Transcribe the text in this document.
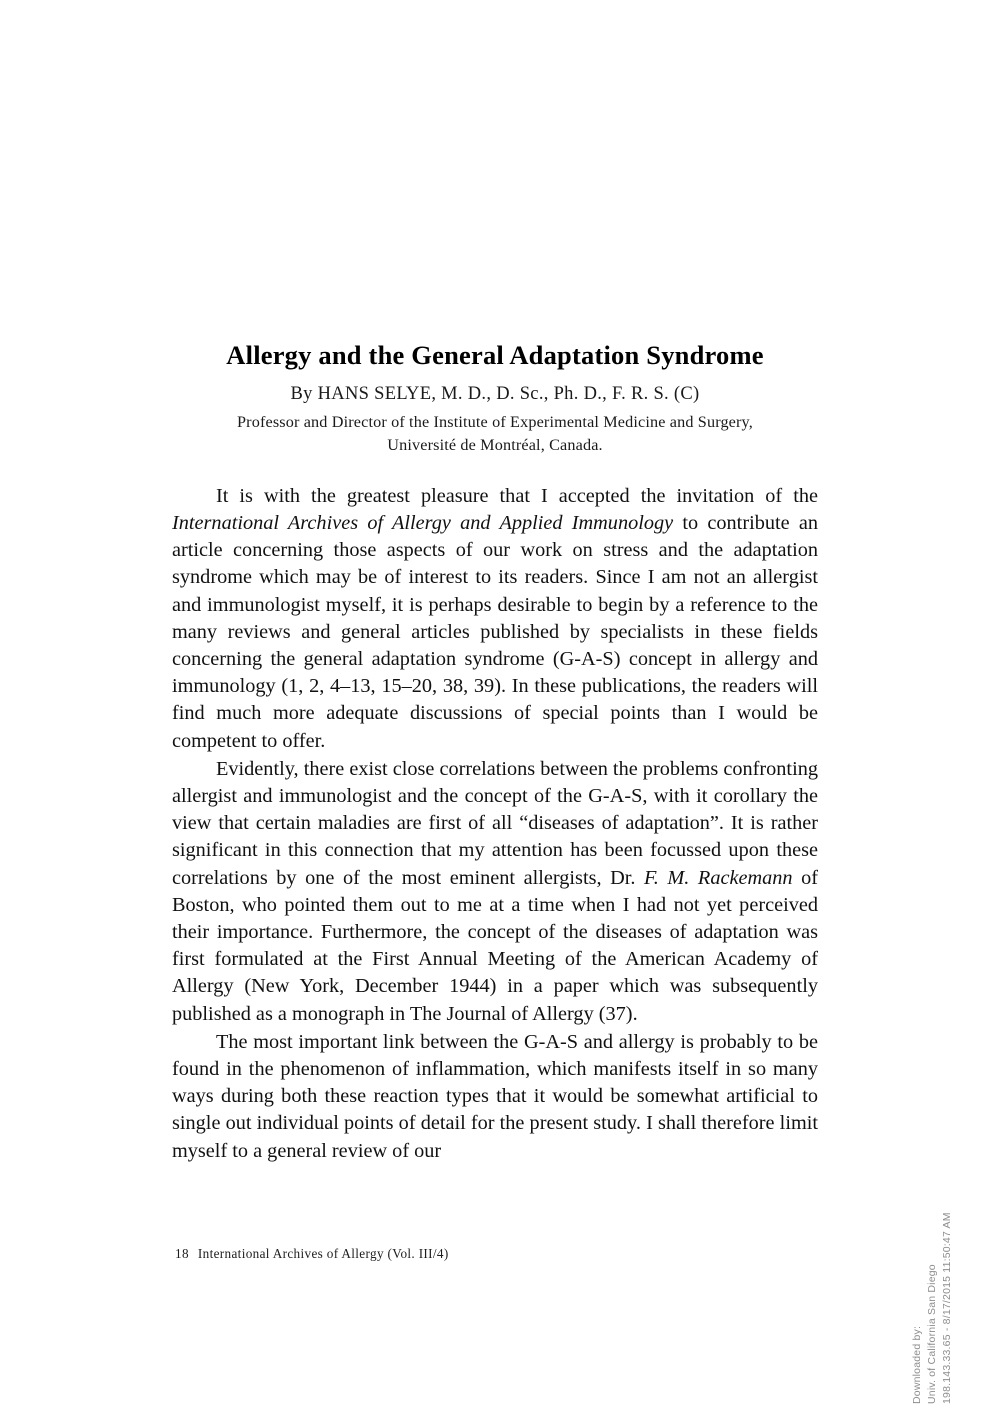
Allergy and the General Adaptation Syndrome
By HANS SELYE, M. D., D. Sc., Ph. D., F. R. S. (C)
Professor and Director of the Institute of Experimental Medicine and Surgery,
Université de Montréal, Canada.

It is with the greatest pleasure that I accepted the invitation of the International Archives of Allergy and Applied Immunology to contribute an article concerning those aspects of our work on stress and the adaptation syndrome which may be of interest to its readers. Since I am not an allergist and immunologist myself, it is perhaps desirable to begin by a reference to the many reviews and general articles published by specialists in these fields concerning the general adaptation syndrome (G-A-S) concept in allergy and immunology (1, 2, 4–13, 15–20, 38, 39). In these publications, the readers will find much more adequate discussions of special points than I would be competent to offer.

Evidently, there exist close correlations between the problems confronting allergist and immunologist and the concept of the G-A-S, with it corollary the view that certain maladies are first of all “diseases of adaptation”. It is rather significant in this connection that my attention has been focussed upon these correlations by one of the most eminent allergists, Dr. F. M. Rackemann of Boston, who pointed them out to me at a time when I had not yet perceived their importance. Furthermore, the concept of the diseases of adaptation was first formulated at the First Annual Meeting of the American Academy of Allergy (New York, December 1944) in a paper which was subsequently published as a monograph in The Journal of Allergy (37).

The most important link between the G-A-S and allergy is probably to be found in the phenomenon of inflammation, which manifests itself in so many ways during both these reaction types that it would be somewhat artificial to single out individual points of detail for the present study. I shall therefore limit myself to a general review of our

18 International Archives of Allergy (Vol. III/4)
Downloaded by: Univ. of California San Diego 198.143.33.65 - 8/17/2015 11:50:47 AM
